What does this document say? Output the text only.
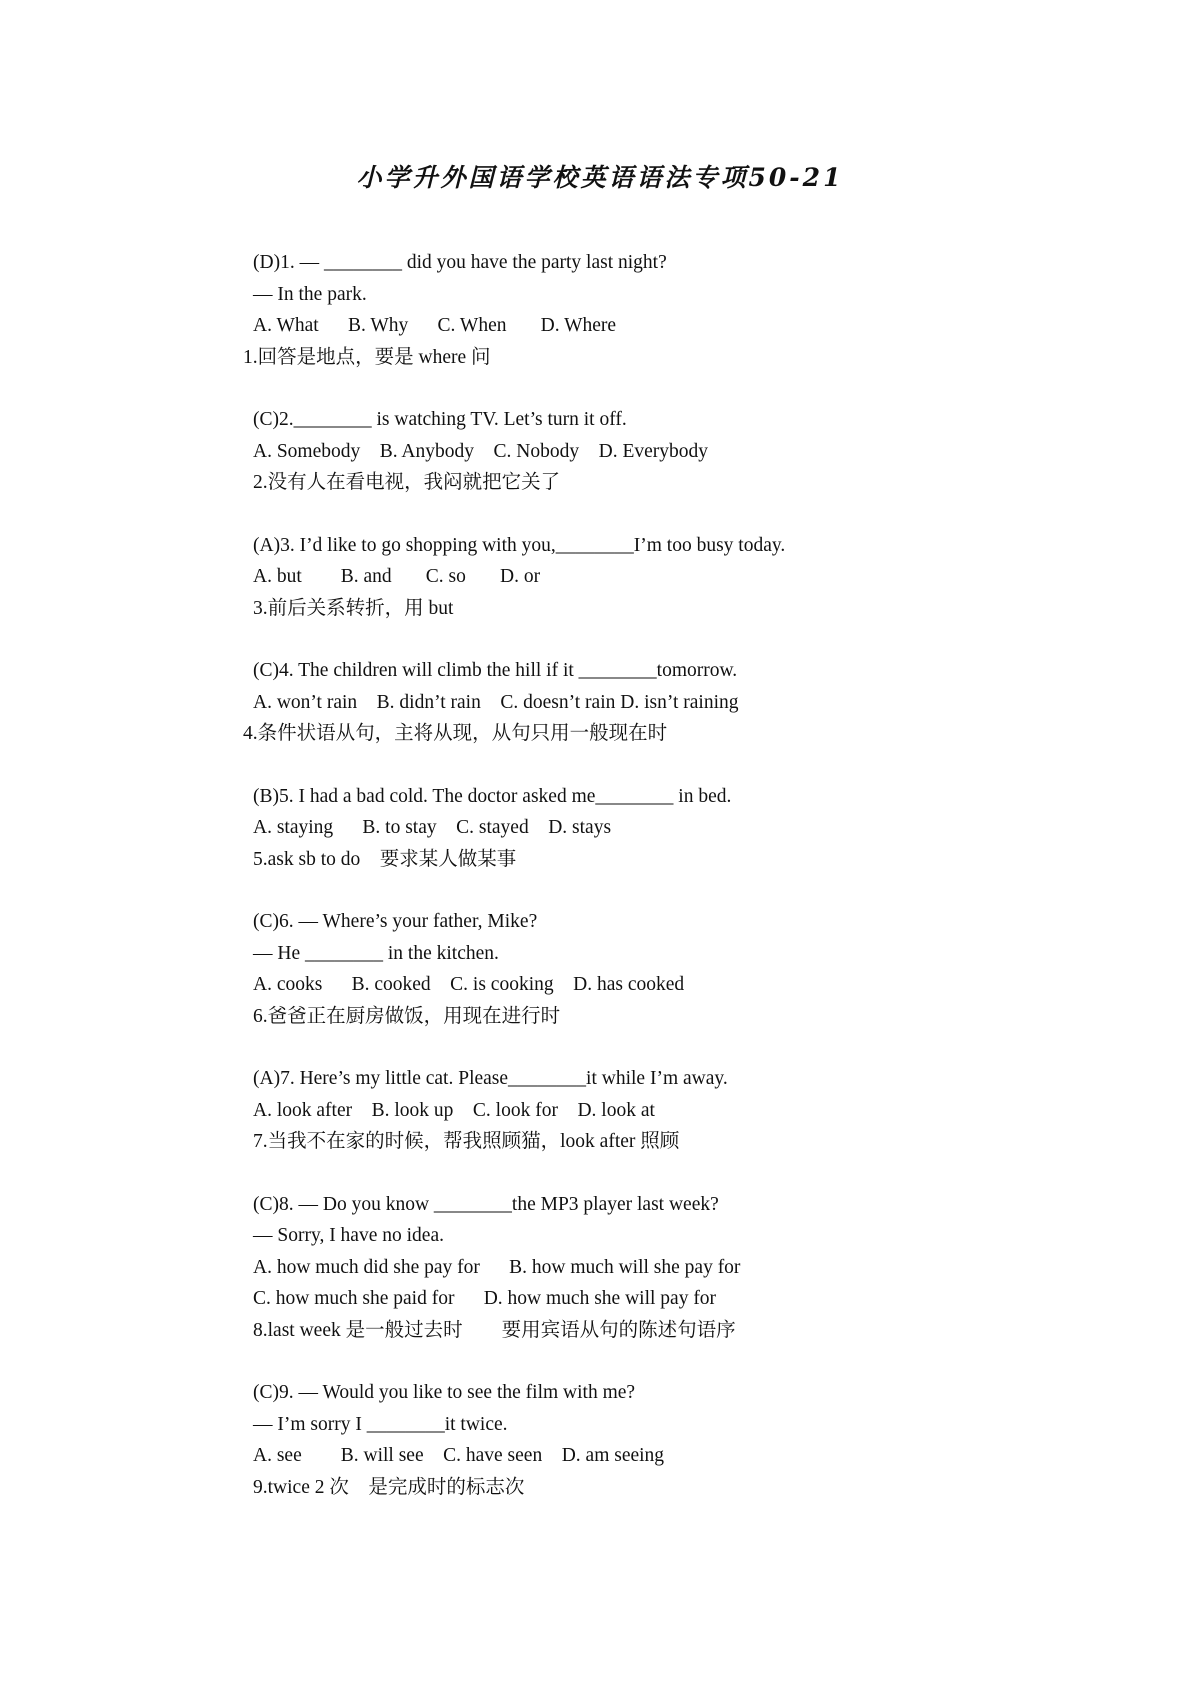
小学升外国语学校英语语法专项50-21
(D)1. — ________ did you have the party last night?
— In the park.
A. What B. Why C. When D. Where
1.回答是地点，要是 where 问
(C)2.________ is watching TV. Let’s turn it off.
A. Somebody B. Anybody C. Nobody D. Everybody
2.没有人在看电视，我闷就把它关了
(A)3. I’d like to go shopping with you,________I’m too busy today.
A. but B. and C. so D. or
3.前后关系转折，用 but
(C)4. The children will climb the hill if it ________tomorrow.
A. won’t rain B. didn’t rain C. doesn’t rain D. isn’t raining
4.条件状语从句，主将从现，从句只用一般现在时
(B)5. I had a bad cold. The doctor asked me________ in bed.
A. staying B. to stay C. stayed D. stays
5.ask sb to do　要求某人做某事
(C)6. — Where’s your father, Mike?
— He ________ in the kitchen.
A. cooks B. cooked C. is cooking D. has cooked
6.爸爸正在厨房做饭，用现在进行时
(A)7. Here’s my little cat. Please________it while I’m away.
A. look after B. look up C. look for D. look at
7.当我不在家的时候，帮我照顾猫，look after 照顾
(C)8. — Do you know ________the MP3 player last week?
— Sorry, I have no idea.
A. how much did she pay for B. how much will she pay for
C. how much she paid for D. how much she will pay for
8.last week 是一般过去时　　要用宾语从句的陈述句语序
(C)9. — Would you like to see the film with me?
— I’m sorry I ________it twice.
A. see B. will see C. have seen D. am seeing
9.twice 2 次　是完成时的标志次
